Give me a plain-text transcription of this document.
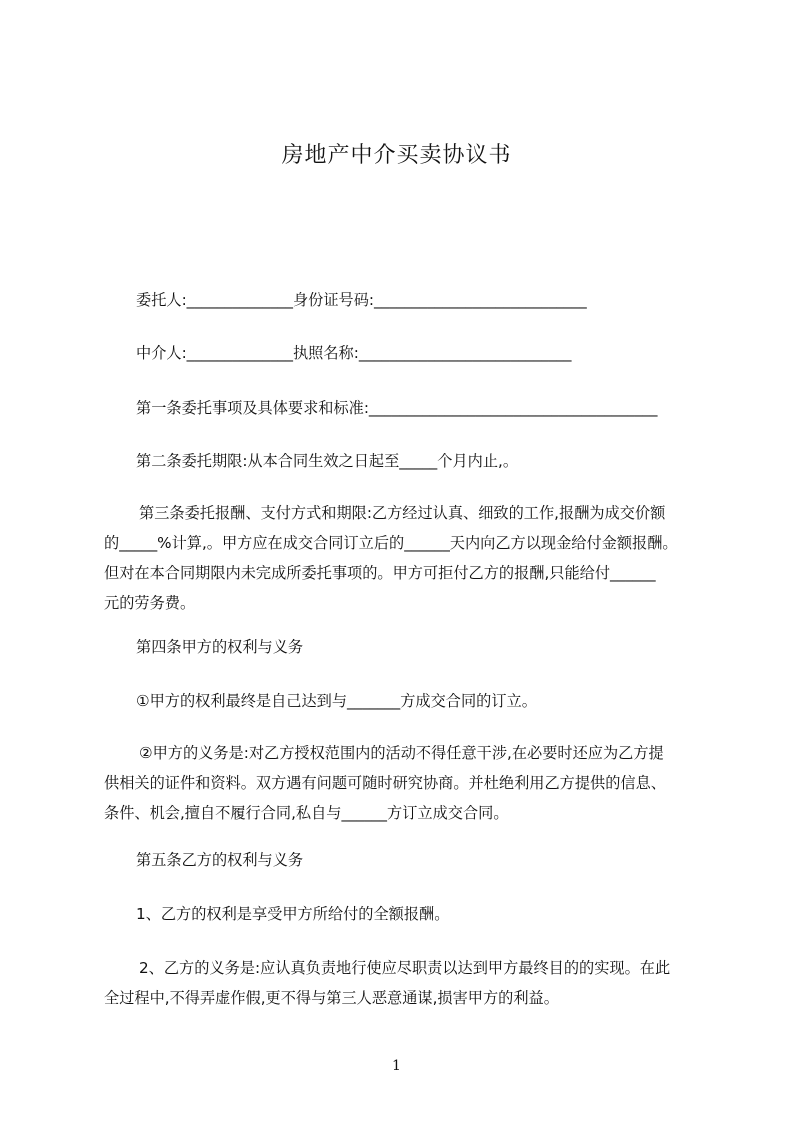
房地产中介买卖协议书

委托人:______________身份证号码:____________________________

中介人:______________执照名称:____________________________

第一条委托事项及具体要求和标准:______________________________________

第二条委托期限:从本合同生效之日起至_____个月内止,。

第三条委托报酬、支付方式和期限:乙方经过认真、细致的工作,报酬为成交价额
的_____%计算,。甲方应在成交合同订立后的______天内向乙方以现金给付金额报酬。
但对在本合同期限内未完成所委托事项的。甲方可拒付乙方的报酬,只能给付______
元的劳务费。

第四条甲方的权利与义务

①甲方的权利最终是自己达到与_______方成交合同的订立。

②甲方的义务是:对乙方授权范围内的活动不得任意干涉,在必要时还应为乙方提
供相关的证件和资料。双方遇有问题可随时研究协商。并杜绝利用乙方提供的信息、
条件、机会,擅自不履行合同,私自与______方订立成交合同。

第五条乙方的权利与义务

1、乙方的权利是享受甲方所给付的全额报酬。

2、乙方的义务是:应认真负责地行使应尽职责以达到甲方最终目的的实现。在此
全过程中,不得弄虚作假,更不得与第三人恶意通谋,损害甲方的利益。
1
